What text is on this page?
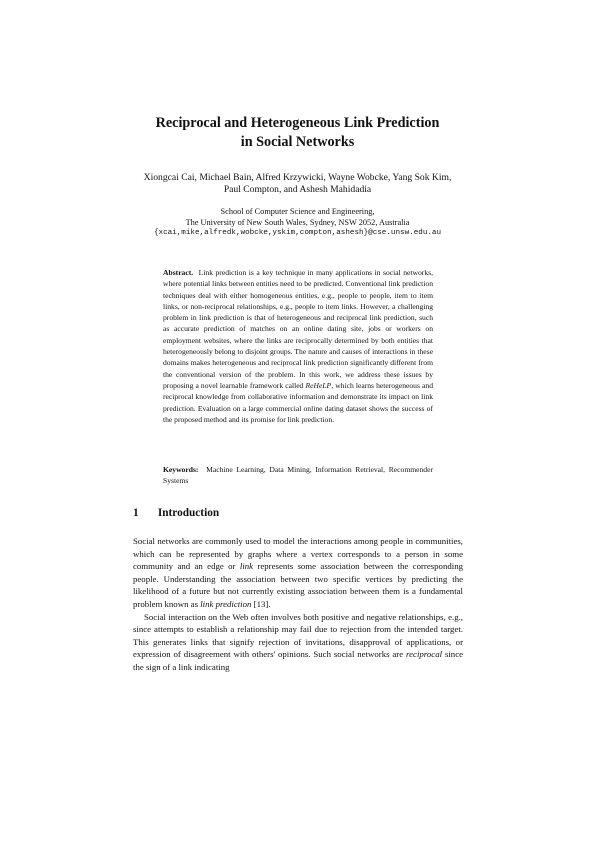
Reciprocal and Heterogeneous Link Prediction
in Social Networks
Xiongcai Cai, Michael Bain, Alfred Krzywicki, Wayne Wobcke, Yang Sok Kim,
Paul Compton, and Ashesh Mahidadia
School of Computer Science and Engineering,
The University of New South Wales, Sydney, NSW 2052, Australia
{xcai,mike,alfredk,wobcke,yskim,compton,ashesh}@cse.unsw.edu.au
Abstract. Link prediction is a key technique in many applications in social networks, where potential links between entities need to be predicted. Conventional link prediction techniques deal with either homogeneous entities, e.g., people to people, item to item links, or non-reciprocal relationships, e.g., people to item links. However, a challenging problem in link prediction is that of heterogeneous and reciprocal link prediction, such as accurate prediction of matches on an online dating site, jobs or workers on employment websites, where the links are reciprocally determined by both entities that heterogeneously belong to disjoint groups. The nature and causes of interactions in these domains makes heterogeneous and reciprocal link prediction significantly different from the conventional version of the problem. In this work, we address these issues by proposing a novel learnable framework called ReHeLP, which learns heterogeneous and reciprocal knowledge from collaborative information and demonstrate its impact on link prediction. Evaluation on a large commercial online dating dataset shows the success of the proposed method and its promise for link prediction.
Keywords: Machine Learning, Data Mining, Information Retrieval, Recommender Systems
1 Introduction

Social networks are commonly used to model the interactions among people in communities, which can be represented by graphs where a vertex corresponds to a person in some community and an edge or link represents some association between the corresponding people. Understanding the association between two specific vertices by predicting the likelihood of a future but not currently existing association between them is a fundamental problem known as link prediction [13].

Social interaction on the Web often involves both positive and negative relationships, e.g., since attempts to establish a relationship may fail due to rejection from the intended target. This generates links that signify rejection of invitations, disapproval of applications, or expression of disagreement with others' opinions. Such social networks are reciprocal since the sign of a link indicating
